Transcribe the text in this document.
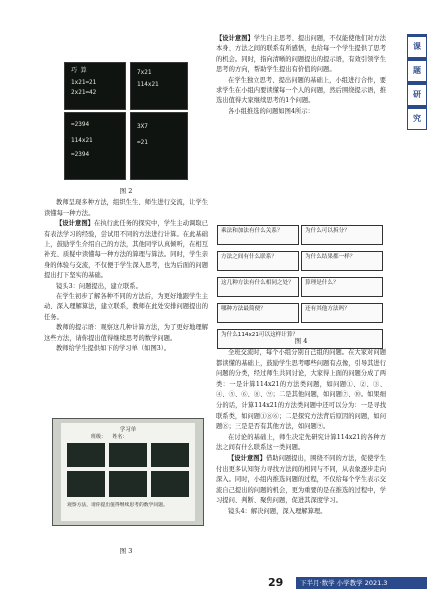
课
题
研
究
巧 算
1x21=21
2x21=42
7x21
114x21
=2394
114x21
=2394
3X7
=21
图 2

教师呈现多种方法，组织生生、师生进行交流，让学生读懂每一种方法。

【设计意图】在执行此任务的探究中，学生主动调取已有表法学习的经验，尝试用不同的方法进行计算。在此基础上，鼓励学生介绍自己的方法，其他同学认真倾听，在相互补充、质疑中读懂每一种方法的算理与算法。同时，学生亲身的体验与交流，不仅便于学生深入思考，也为后面的问题提出打下坚实的基础。

镜头3：问题提出，建立联系。

在学生初步了解各种不同的方法后，为更好地跟学生主动、深入理解算法，建立联系，教师在此处安排问题提出的任务。

教师的提示语：观察这几种计算方法，为了更好地理解这些方法，请你提出值得继续思考的数学问题。

教师给学生提供如下的学习单（如图3）。

学习单
班级：    姓名：
观察方法，请你提出值得继续思考的数学问题。
图 3

【设计意图】学生自主思考、提出问题，不仅能使他们对方法本身、方法之间的联系有所感悟，也给每一个学生提供了思考的机会。同时，指向清晰的问题提出的提示语，有效引领学生思考的方向，帮助学生提出有价值的问题。

在学生独立思考、提出问题的基础上，小组进行合作，要求学生在小组内要读懂每一个人的问题，然后围绕提示语，推选出值得大家继续思考的1个问题。

各小组推选的问题如图4所示：

乘法和加法有什么关系？	为什么可以拆分？方法之间有什么联系？	为什么结果都一样？这几种方法有什么相同之处？ 算理是什么？哪种方法最简便？	还有其他方法吗？为什么114x21可以这样计算？
图 4

全班交流时，每个小组分别自己组的问题。在大家对问题都读懂的基础上，鼓励学生思考哪些问题有点像，引导其进行问题的分类，经过师生共同讨论，大家得上面的问题分成了两类：一是计算114x21的方法类问题，如问题①、②、③、④、⑤、⑥、⑧、⑨；二是其他问题，如问题⑦、⑩。如果细分的话，计算114x21的方法类问题中还可以分为：一是寻找联系类，如问题①⑧⑥；二是探究方法背后原因的问题，如问题⑧；三是是否有其他方法，如问题⑨。

在讨论的基础上，师生决定先研究计算114x21的各种方法之间有什么联系这一类问题。

【设计意图】借助问题提出，围绕不同的方法，促使学生付出更多认知努力寻找方法间的相同与不同，从表象逐步走向深入。同时，小组内推选问题的过程，不仅给每个学生表示交流自己提出的问题的机会，更为重要的是在推选的过程中，学习提问、判断、聚焦问题，促进其深度学习。

镜头4：解决问题，深入理解算理。

29	下半月·数学 小学教学 2021.3
